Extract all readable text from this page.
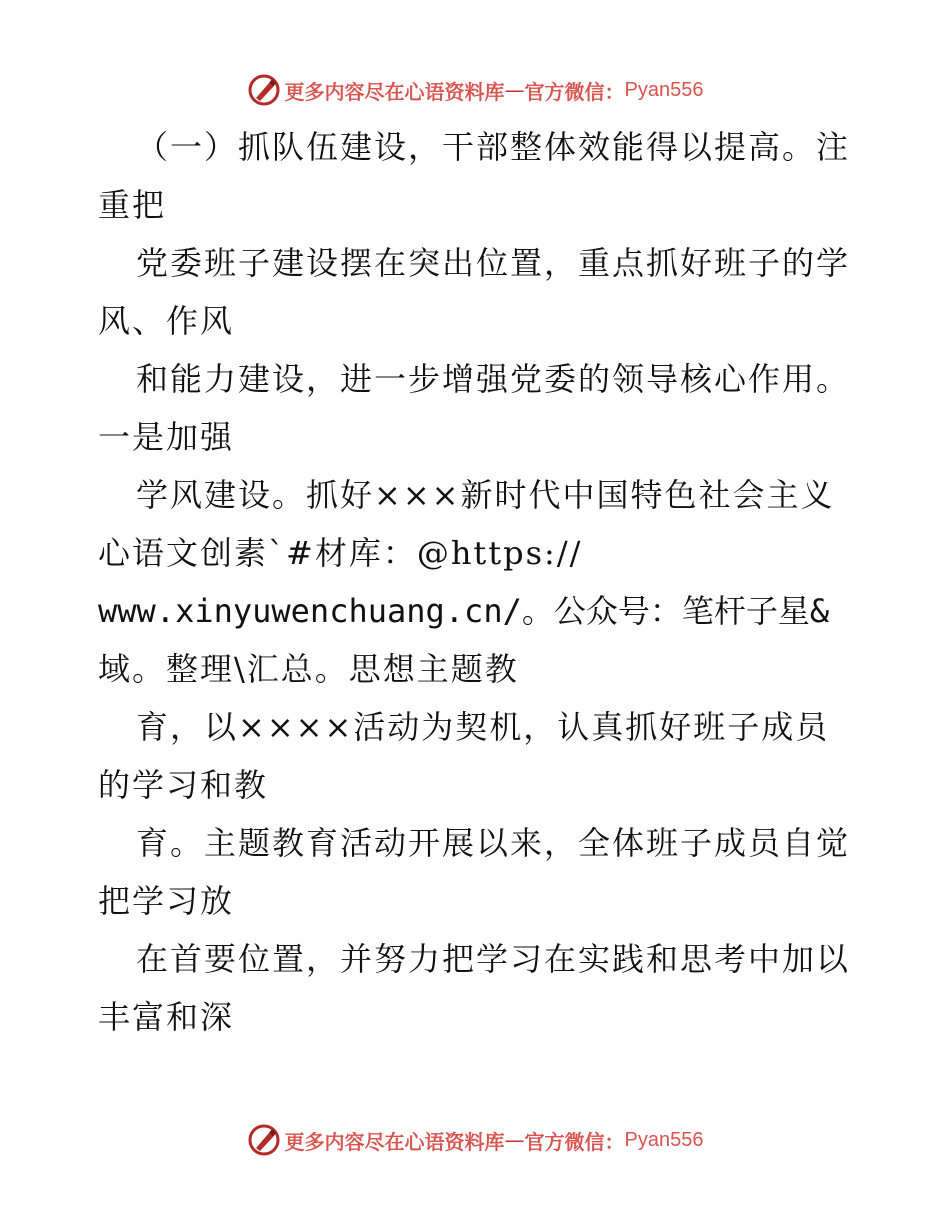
更多内容尽在心语资料库 — 官方微信： Pyan556
（一）抓队伍建设，干部整体效能得以提高。注
重把
党委班子建设摆在突出位置，重点抓好班子的学
风、作风
和能力建设，进一步增强党委的领导核心作用。
一是加强
学风建设。抓好×××新时代中国特色社会主义
心语文创素`#材库：@https://
www.xinyuwenchuang.cn/。公众号：笔杆子星&
域。整理\汇总。思想主题教
育，以××××活动为契机，认真抓好班子成员
的学习和教
育。主题教育活动开展以来，全体班子成员自觉
把学习放
在首要位置，并努力把学习在实践和思考中加以
丰富和深
更多内容尽在心语资料库 — 官方微信： Pyan556
